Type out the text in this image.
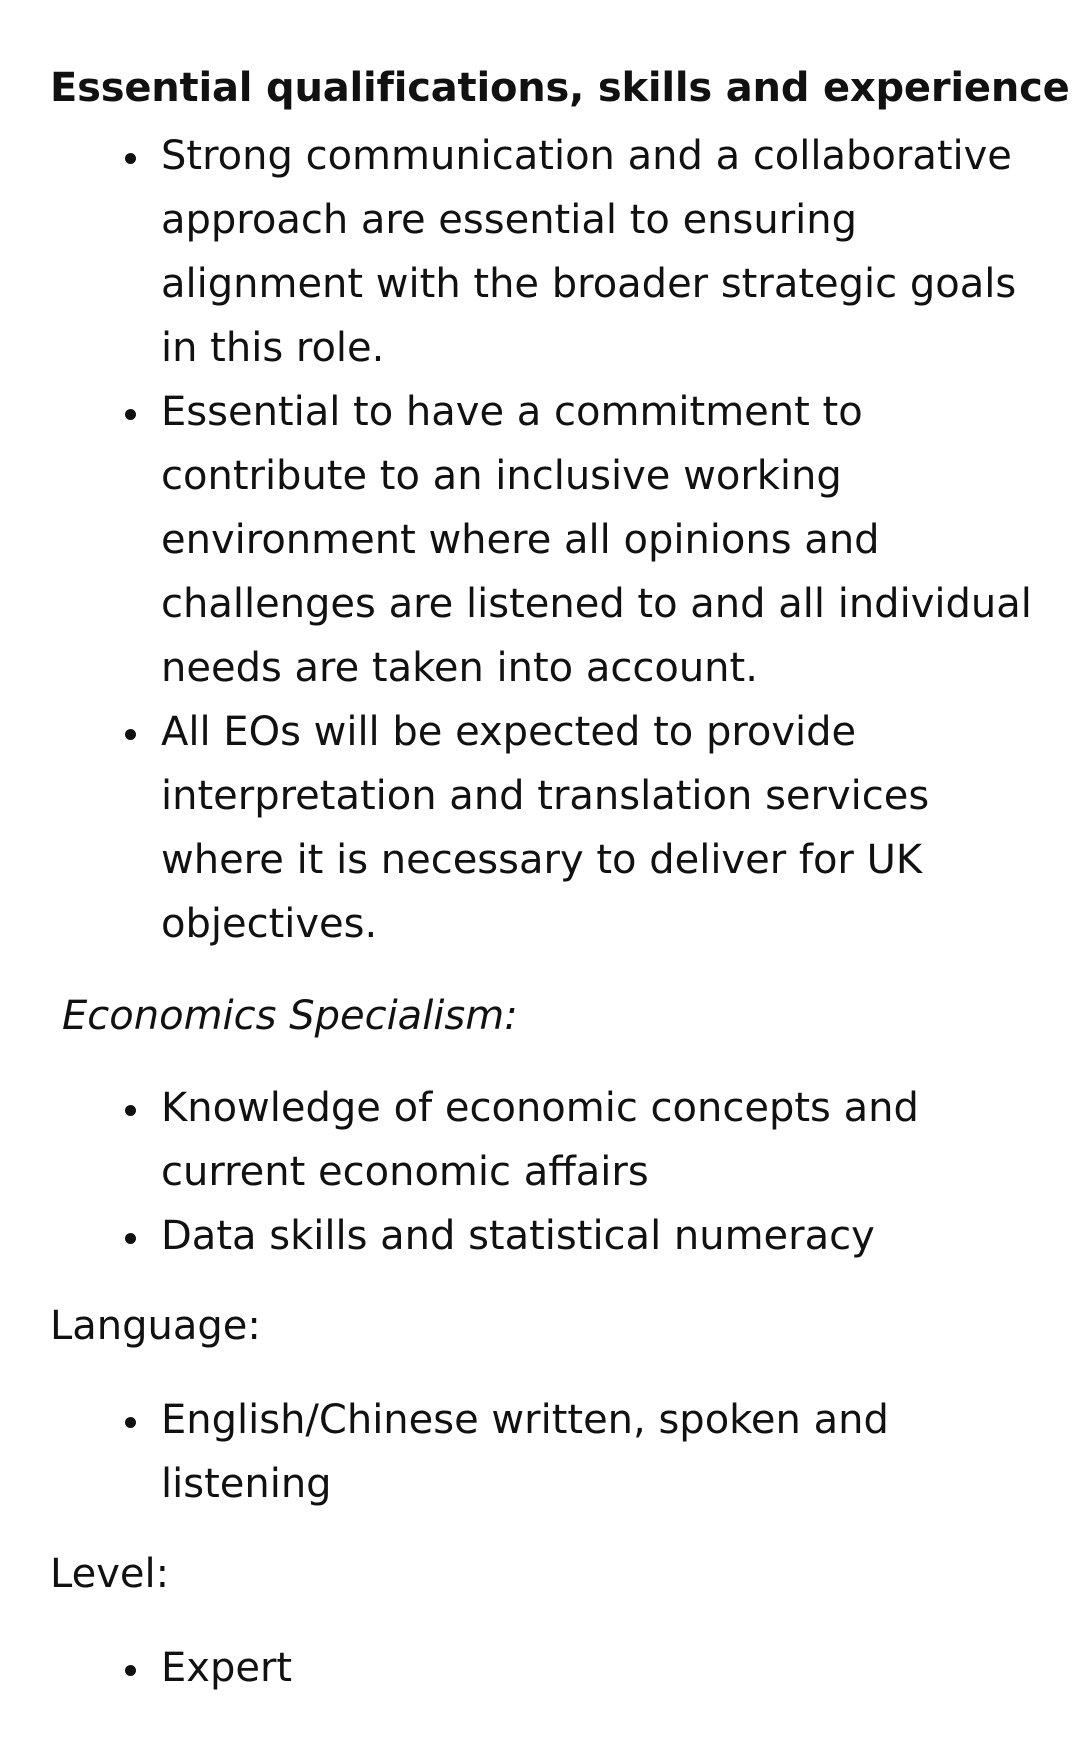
Essential qualifications, skills and experience
Strong communication and a collaborative approach are essential to ensuring alignment with the broader strategic goals in this role.
Essential to have a commitment to contribute to an inclusive working environment where all opinions and challenges are listened to and all individual needs are taken into account.
All EOs will be expected to provide interpretation and translation services where it is necessary to deliver for UK objectives.

Economics Specialism:

Knowledge of economic concepts and current economic affairs
Data skills and statistical numeracy

Language:

English/Chinese written, spoken and listening

Level:

Expert
